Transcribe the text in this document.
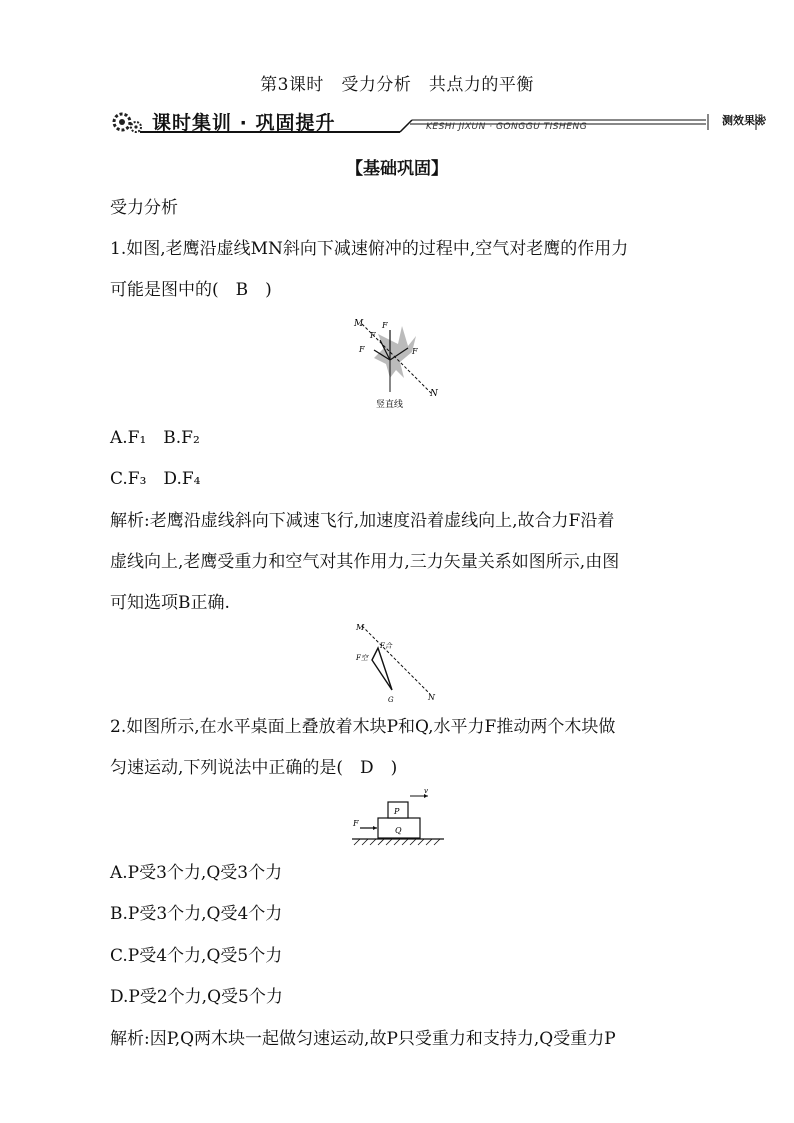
第3课时　受力分析　共点力的平衡
课时集训 · 巩固提升	KESHI JIXUN · GONGGU TISHENG	测效果❀
【基础巩固】
受力分析
1.如图,老鹰沿虚线MN斜向下减速俯冲的过程中,空气对老鹰的作用力
可能是图中的(　B　)
M
N
F
F
F
F
竖直线
A.F₁　B.F₂
C.F₃　D.F₄
解析:老鹰沿虚线斜向下减速飞行,加速度沿着虚线向上,故合力F沿着
虚线向上,老鹰受重力和空气对其作用力,三力矢量关系如图所示,由图
可知选项B正确.
M
N
F合
F空
G
2.如图所示,在水平桌面上叠放着木块P和Q,水平力F推动两个木块做
匀速运动,下列说法中正确的是(　D　)
F
v
P
Q
A.P受3个力,Q受3个力
B.P受3个力,Q受4个力
C.P受4个力,Q受5个力
D.P受2个力,Q受5个力
解析:因P,Q两木块一起做匀速运动,故P只受重力和支持力,Q受重力P
